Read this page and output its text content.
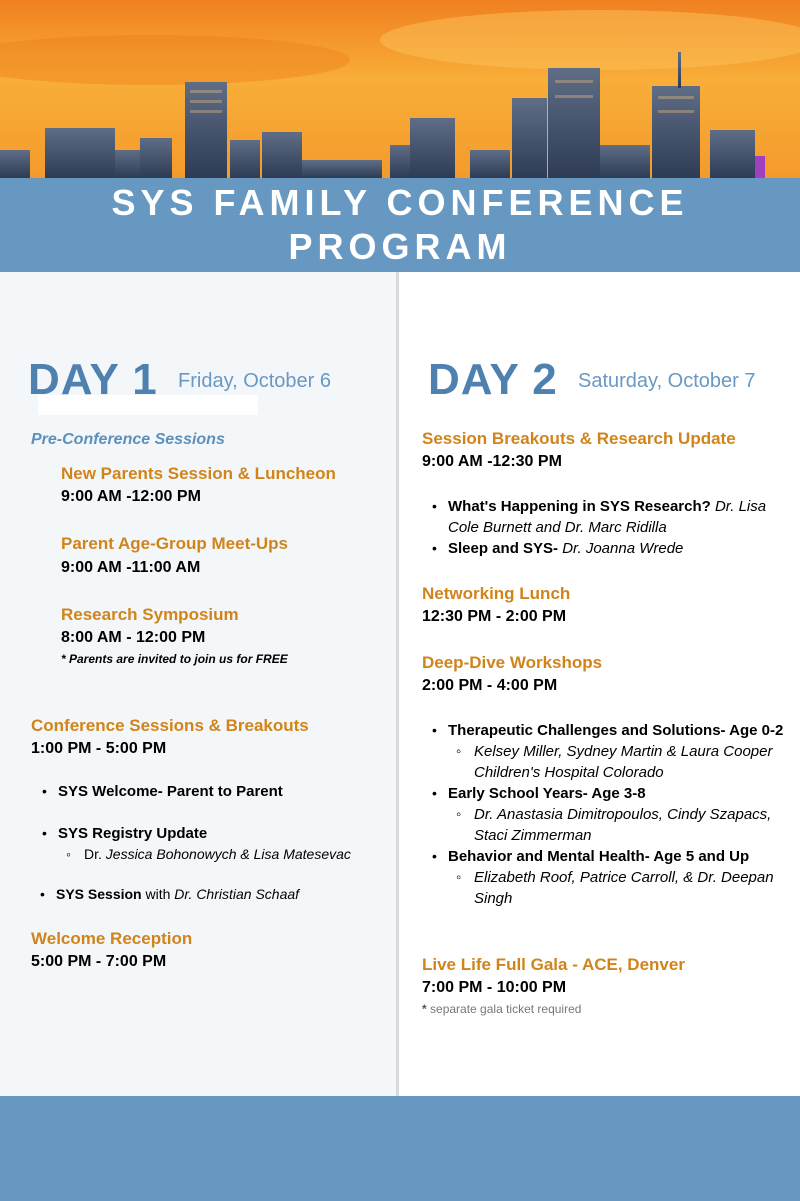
SYS FAMILY CONFERENCE
PROGRAM
DAY 1 Friday, October 6
Pre-Conference Sessions
New Parents Session & Luncheon
9:00 AM -12:00 PM
Parent Age-Group Meet-Ups
9:00 AM -11:00 AM
Research Symposium
8:00 AM - 12:00 PM
* Parents are invited to join us for FREE
Conference Sessions & Breakouts
1:00 PM - 5:00 PM
• SYS Welcome- Parent to Parent
• SYS Registry Update
◦ Dr. Jessica Bohonowych & Lisa Matesevac
• SYS Session with Dr. Christian Schaaf
Welcome Reception
5:00 PM - 7:00 PM
DAY 2 Saturday, October 7
Session Breakouts & Research Update
9:00 AM -12:30 PM
• What's Happening in SYS Research? Dr. Lisa Cole Burnett and Dr. Marc Ridilla
• Sleep and SYS- Dr. Joanna Wrede
Networking Lunch
12:30 PM - 2:00 PM
Deep-Dive Workshops
2:00 PM - 4:00 PM
• Therapeutic Challenges and Solutions- Age 0-2
◦ Kelsey Miller, Sydney Martin & Laura Cooper Children's Hospital Colorado
• Early School Years- Age 3-8
◦ Dr. Anastasia Dimitropoulos, Cindy Szapacs, Staci Zimmerman
• Behavior and Mental Health- Age 5 and Up
◦ Elizabeth Roof, Patrice Carroll, & Dr. Deepan Singh
Live Life Full Gala - ACE, Denver
7:00 PM - 10:00 PM
* separate gala ticket required
